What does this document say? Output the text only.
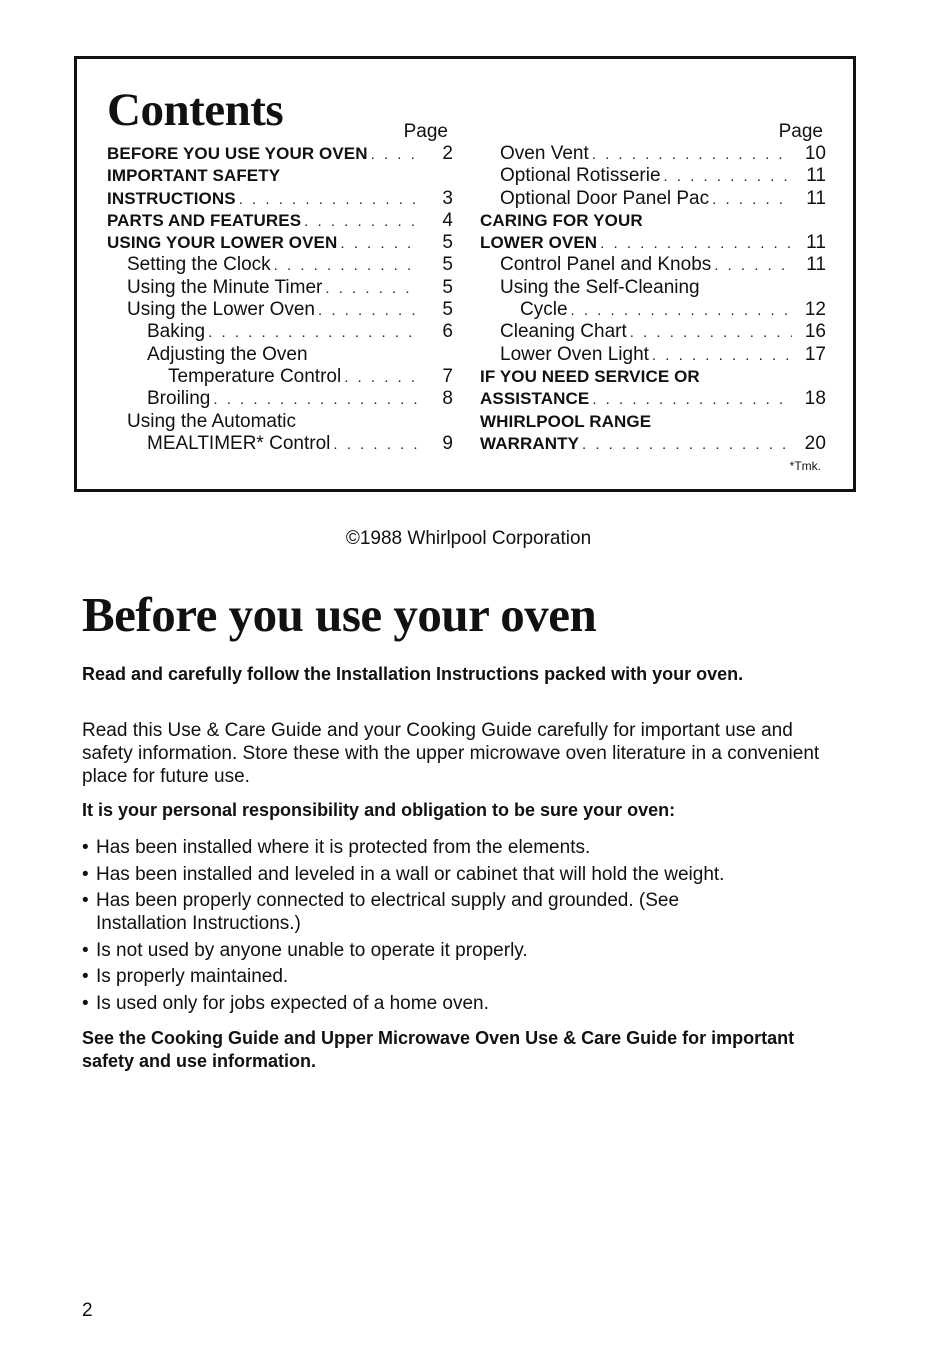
Contents	Page	Page
BEFORE YOU USE YOUR OVEN . . .	2
IMPORTANT SAFETY
INSTRUCTIONS . . .	3
PARTS AND FEATURES . . .	4
USING YOUR LOWER OVEN . . .	5
Setting the Clock . . .	5
Using the Minute Timer . . .	5
Using the Lower Oven . . .	5
Baking . . .	6
Adjusting the Oven
Temperature Control . . .	7
Broiling . . .	8
Using the Automatic
MEALTIMER* Control . . .	9
Oven Vent . . .	10
Optional Rotisserie . . .	11
Optional Door Panel Pac . . .	11
CARING FOR YOUR
LOWER OVEN . . .	11
Control Panel and Knobs . . .	11
Using the Self-Cleaning
Cycle . . .	12
Cleaning Chart . . .	16
Lower Oven Light . . .	17
IF YOU NEED SERVICE OR
ASSISTANCE . . .	18
WHIRLPOOL RANGE
WARRANTY . . .	20
*Tmk.
©1988 Whirlpool Corporation
Before you use your oven
Read and carefully follow the Installation Instructions packed with your oven.
Read this Use & Care Guide and your Cooking Guide carefully for important use and safety information. Store these with the upper microwave oven literature in a convenient place for future use.
It is your personal responsibility and obligation to be sure your oven:
• Has been installed where it is protected from the elements.
• Has been installed and leveled in a wall or cabinet that will hold the weight.
• Has been properly connected to electrical supply and grounded. (See Installation Instructions.)
• Is not used by anyone unable to operate it properly.
• Is properly maintained.
• Is used only for jobs expected of a home oven.
See the Cooking Guide and Upper Microwave Oven Use & Care Guide for important safety and use information.
2
